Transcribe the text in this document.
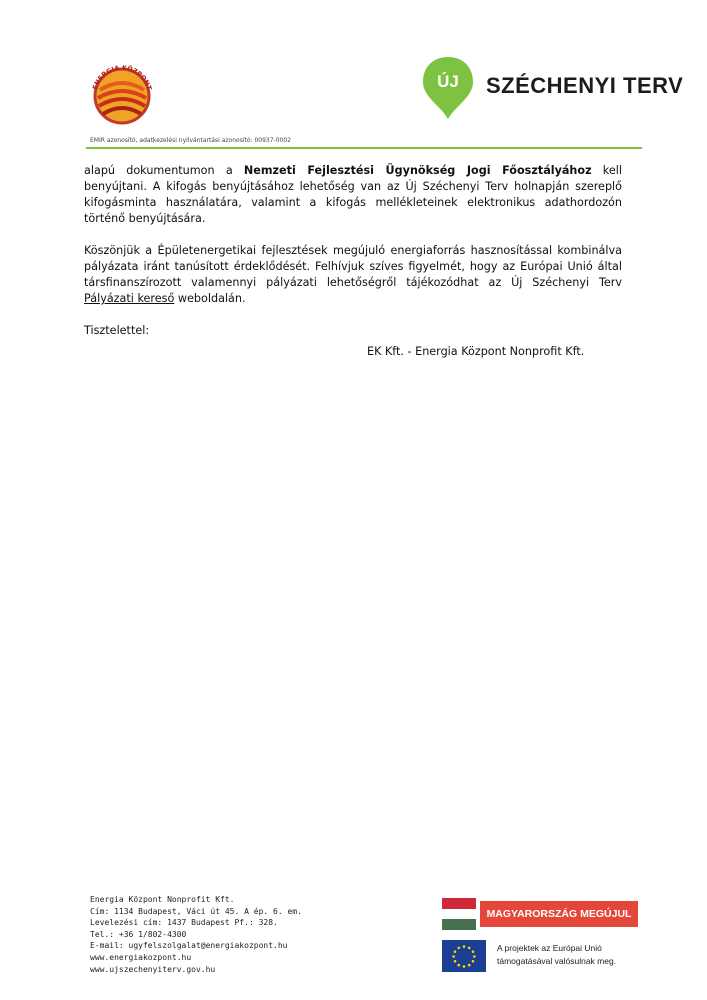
ENERGIA KÖZPONT	ÚJ SZÉCHENYI TERV
EMIR azonosító, adatkezelési nyilvántartási azonosító: 00937-0002

alapú dokumentumon a Nemzeti Fejlesztési Ügynökség Jogi Főosztályához kell benyújtani. A kifogás benyújtásához lehetőség van az Új Széchenyi Terv holnapján szereplő kifogásminta használatára, valamint a kifogás mellékleteinek elektronikus adathordozón történő benyújtására.

Köszönjük a Épületenergetikai fejlesztések megújuló energiaforrás hasznosítással kombinálva pályázata iránt tanúsított érdeklődését. Felhívjuk szíves figyelmét, hogy az Európai Unió által társfinanszírozott valamennyi pályázati lehetőségről tájékozódhat az Új Széchenyi Terv Pályázati kereső weboldalán.

Tisztelettel:

EK Kft. - Energia Központ Nonprofit Kft.
Energia Központ Nonprofit Kft.
Cím: 1134 Budapest, Váci út 45. A ép. 6. em.
Levelezési cím: 1437 Budapest Pf.: 328.
Tel.: +36 1/802-4300
E-mail: ugyfelszolgalat@energiakozpont.hu
www.energiakozpont.hu
www.ujszechenyiterv.gov.hu
MAGYARORSZÁG MEGÚJUL
A projektek az Európai Unió
támogatásával valósulnak meg.
